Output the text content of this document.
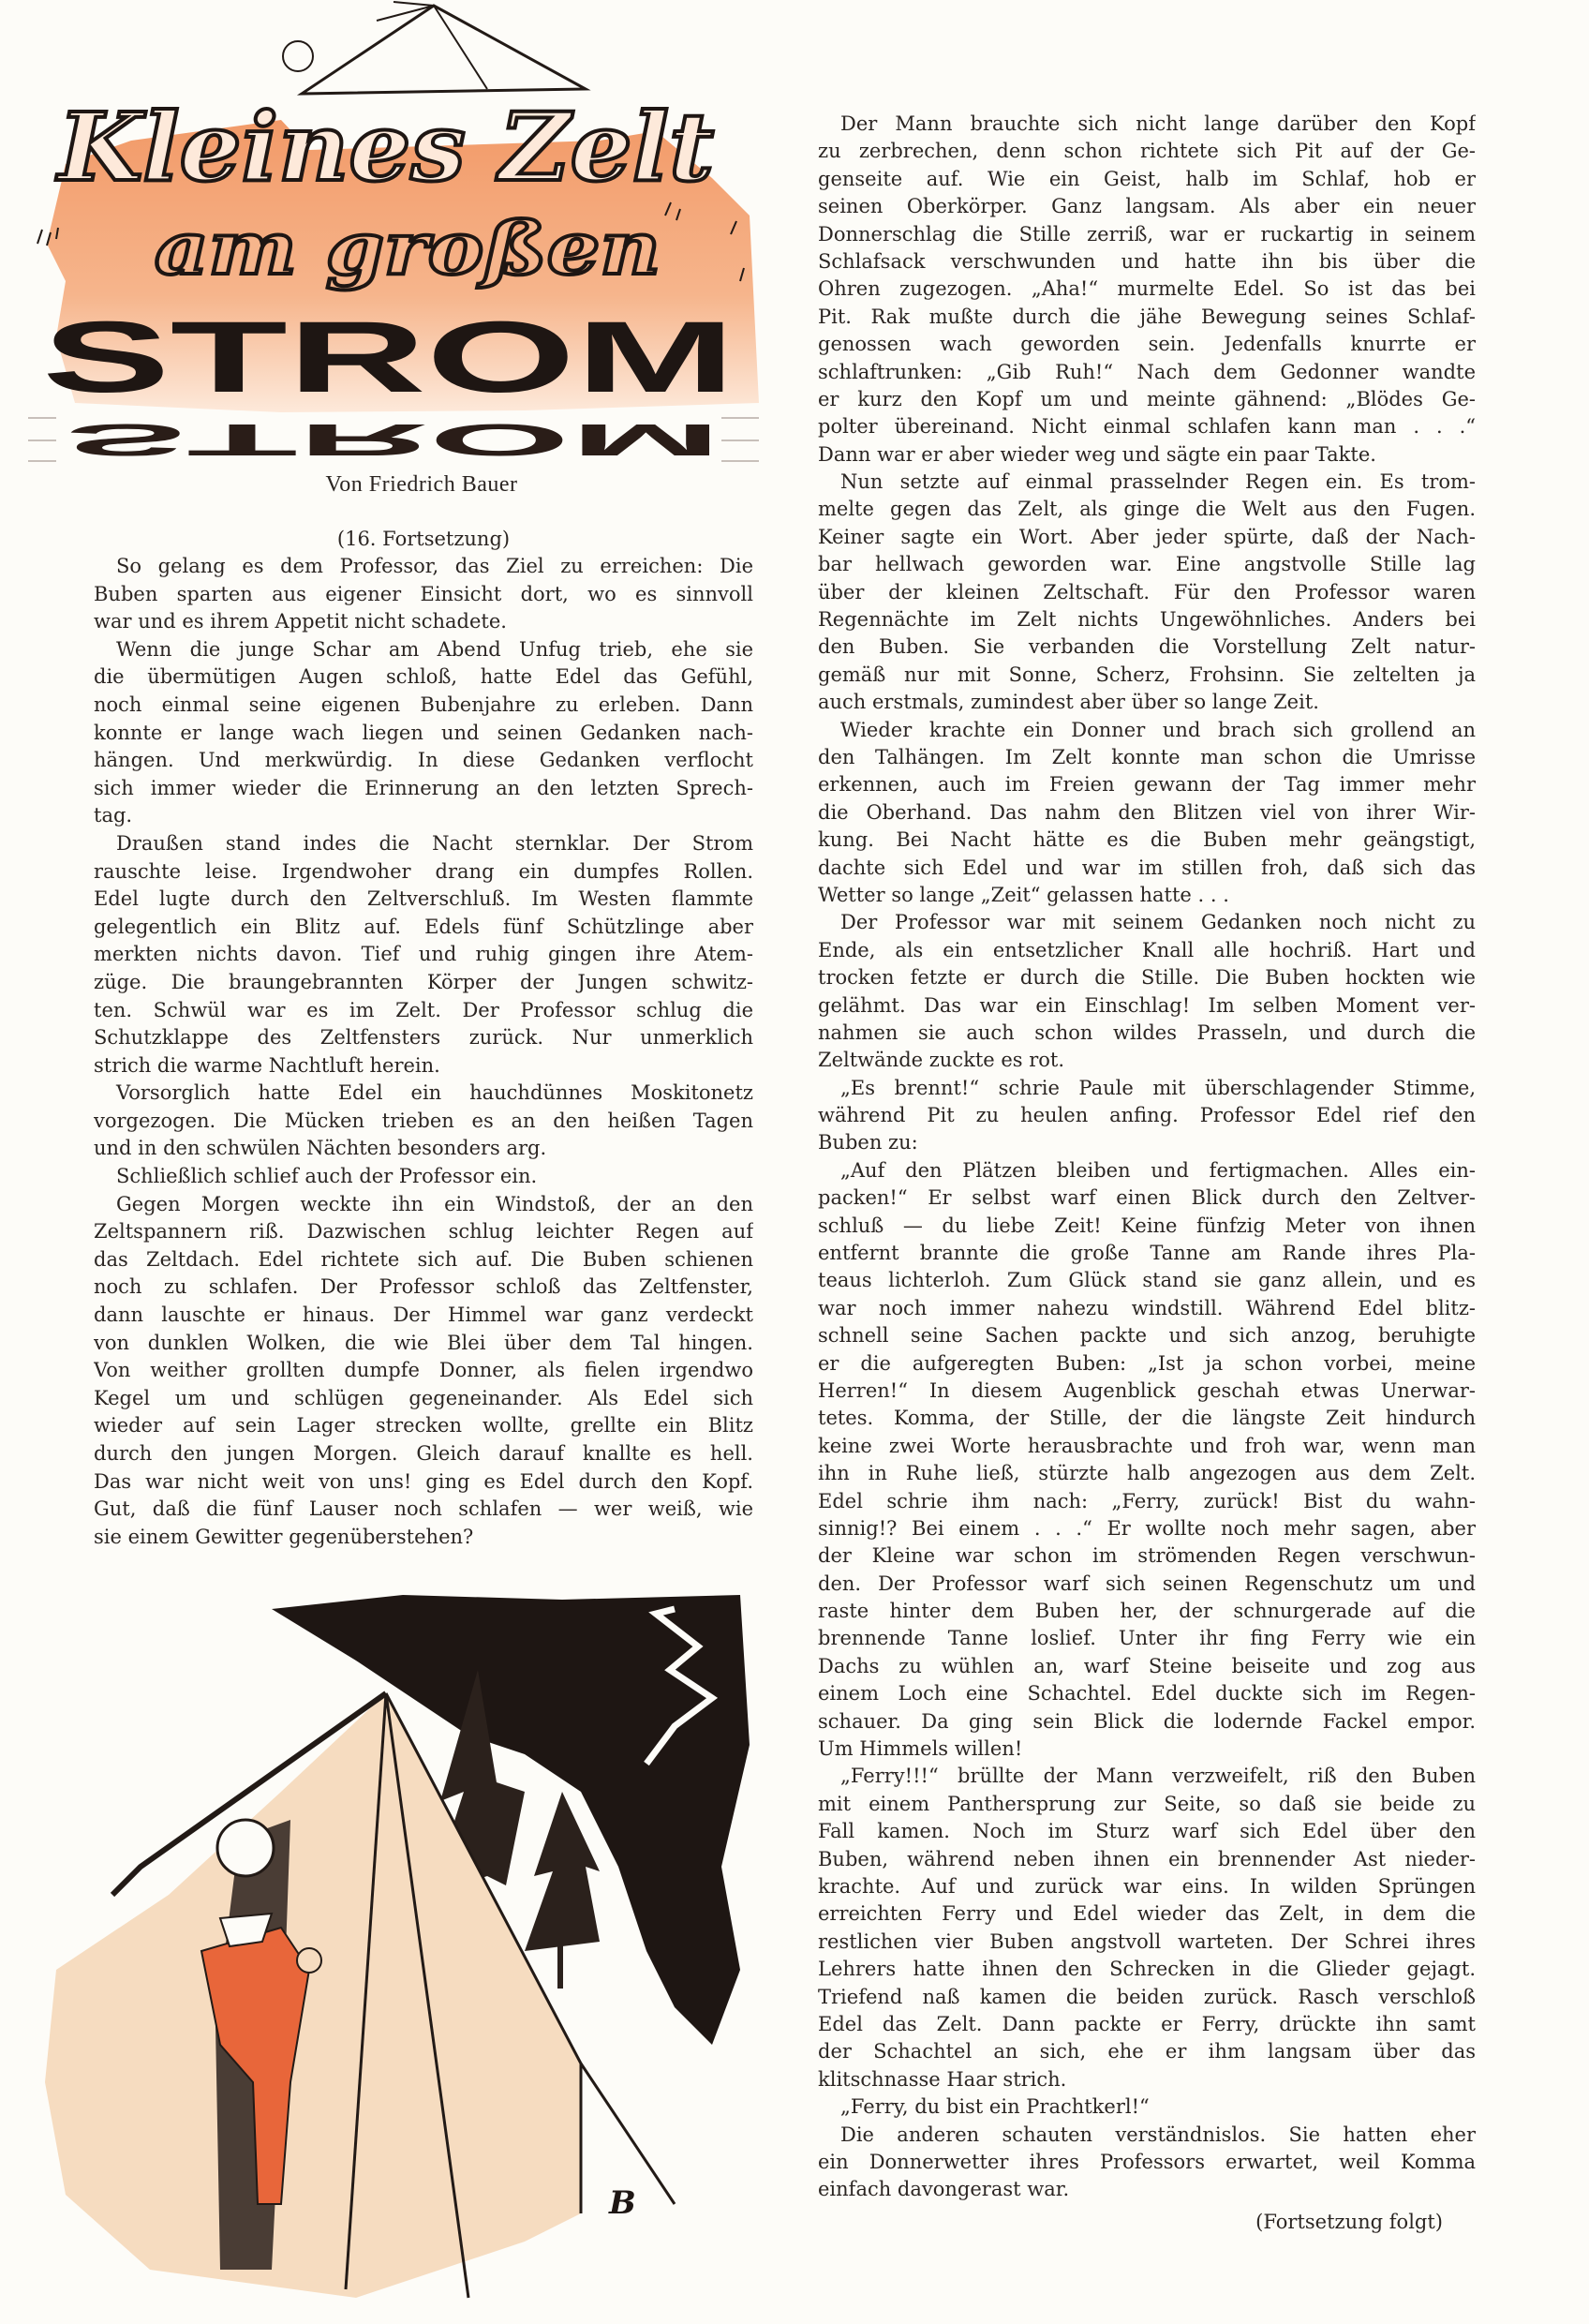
Kleines Zelt
am großen
STROM
STROM
Von Friedrich Bauer
(16. Fortsetzung)
So gelang es dem Professor, das Ziel zu erreichen: Die
Buben sparten aus eigener Einsicht dort, wo es sinnvoll
war und es ihrem Appetit nicht schadete.
Wenn die junge Schar am Abend Unfug trieb, ehe sie
die übermütigen Augen schloß, hatte Edel das Gefühl,
noch einmal seine eigenen Bubenjahre zu erleben. Dann
konnte er lange wach liegen und seinen Gedanken nach-
hängen. Und merkwürdig. In diese Gedanken verflocht
sich immer wieder die Erinnerung an den letzten Sprech-
tag.
Draußen stand indes die Nacht sternklar. Der Strom
rauschte leise. Irgendwoher drang ein dumpfes Rollen.
Edel lugte durch den Zeltverschluß. Im Westen flammte
gelegentlich ein Blitz auf. Edels fünf Schützlinge aber
merkten nichts davon. Tief und ruhig gingen ihre Atem-
züge. Die braungebrannten Körper der Jungen schwitz-
ten. Schwül war es im Zelt. Der Professor schlug die
Schutzklappe des Zeltfensters zurück. Nur unmerklich
strich die warme Nachtluft herein.
Vorsorglich hatte Edel ein hauchdünnes Moskitonetz
vorgezogen. Die Mücken trieben es an den heißen Tagen
und in den schwülen Nächten besonders arg.
Schließlich schlief auch der Professor ein.
Gegen Morgen weckte ihn ein Windstoß, der an den
Zeltspannern riß. Dazwischen schlug leichter Regen auf
das Zeltdach. Edel richtete sich auf. Die Buben schienen
noch zu schlafen. Der Professor schloß das Zeltfenster,
dann lauschte er hinaus. Der Himmel war ganz verdeckt
von dunklen Wolken, die wie Blei über dem Tal hingen.
Von weither grollten dumpfe Donner, als fielen irgendwo
Kegel um und schlügen gegeneinander. Als Edel sich
wieder auf sein Lager strecken wollte, grellte ein Blitz
durch den jungen Morgen. Gleich darauf knallte es hell.
Das war nicht weit von uns! ging es Edel durch den Kopf.
Gut, daß die fünf Lauser noch schlafen — wer weiß, wie
sie einem Gewitter gegenüberstehen?
Der Mann brauchte sich nicht lange darüber den Kopf
zu zerbrechen, denn schon richtete sich Pit auf der Ge-
genseite auf. Wie ein Geist, halb im Schlaf, hob er
seinen Oberkörper. Ganz langsam. Als aber ein neuer
Donnerschlag die Stille zerriß, war er ruckartig in seinem
Schlafsack verschwunden und hatte ihn bis über die
Ohren zugezogen. „Aha!“ murmelte Edel. So ist das bei
Pit. Rak mußte durch die jähe Bewegung seines Schlaf-
genossen wach geworden sein. Jedenfalls knurrte er
schlaftrunken: „Gib Ruh!“ Nach dem Gedonner wandte
er kurz den Kopf um und meinte gähnend: „Blödes Ge-
polter übereinand. Nicht einmal schlafen kann man . . .“
Dann war er aber wieder weg und sägte ein paar Takte.
Nun setzte auf einmal prasselnder Regen ein. Es trom-
melte gegen das Zelt, als ginge die Welt aus den Fugen.
Keiner sagte ein Wort. Aber jeder spürte, daß der Nach-
bar hellwach geworden war. Eine angstvolle Stille lag
über der kleinen Zeltschaft. Für den Professor waren
Regennächte im Zelt nichts Ungewöhnliches. Anders bei
den Buben. Sie verbanden die Vorstellung Zelt natur-
gemäß nur mit Sonne, Scherz, Frohsinn. Sie zeltelten ja
auch erstmals, zumindest aber über so lange Zeit.
Wieder krachte ein Donner und brach sich grollend an
den Talhängen. Im Zelt konnte man schon die Umrisse
erkennen, auch im Freien gewann der Tag immer mehr
die Oberhand. Das nahm den Blitzen viel von ihrer Wir-
kung. Bei Nacht hätte es die Buben mehr geängstigt,
dachte sich Edel und war im stillen froh, daß sich das
Wetter so lange „Zeit“ gelassen hatte . . .
Der Professor war mit seinem Gedanken noch nicht zu
Ende, als ein entsetzlicher Knall alle hochriß. Hart und
trocken fetzte er durch die Stille. Die Buben hockten wie
gelähmt. Das war ein Einschlag! Im selben Moment ver-
nahmen sie auch schon wildes Prasseln, und durch die
Zeltwände zuckte es rot.
„Es brennt!“ schrie Paule mit überschlagender Stimme,
während Pit zu heulen anfing. Professor Edel rief den
Buben zu:
„Auf den Plätzen bleiben und fertigmachen. Alles ein-
packen!“ Er selbst warf einen Blick durch den Zeltver-
schluß — du liebe Zeit! Keine fünfzig Meter von ihnen
entfernt brannte die große Tanne am Rande ihres Pla-
teaus lichterloh. Zum Glück stand sie ganz allein, und es
war noch immer nahezu windstill. Während Edel blitz-
schnell seine Sachen packte und sich anzog, beruhigte
er die aufgeregten Buben: „Ist ja schon vorbei, meine
Herren!“ In diesem Augenblick geschah etwas Unerwar-
tetes. Komma, der Stille, der die längste Zeit hindurch
keine zwei Worte herausbrachte und froh war, wenn man
ihn in Ruhe ließ, stürzte halb angezogen aus dem Zelt.
Edel schrie ihm nach: „Ferry, zurück! Bist du wahn-
sinnig!? Bei einem . . .“ Er wollte noch mehr sagen, aber
der Kleine war schon im strömenden Regen verschwun-
den. Der Professor warf sich seinen Regenschutz um und
raste hinter dem Buben her, der schnurgerade auf die
brennende Tanne loslief. Unter ihr fing Ferry wie ein
Dachs zu wühlen an, warf Steine beiseite und zog aus
einem Loch eine Schachtel. Edel duckte sich im Regen-
schauer. Da ging sein Blick die lodernde Fackel empor.
Um Himmels willen!
„Ferry!!!“ brüllte der Mann verzweifelt, riß den Buben
mit einem Panthersprung zur Seite, so daß sie beide zu
Fall kamen. Noch im Sturz warf sich Edel über den
Buben, während neben ihnen ein brennender Ast nieder-
krachte. Auf und zurück war eins. In wilden Sprüngen
erreichten Ferry und Edel wieder das Zelt, in dem die
restlichen vier Buben angstvoll warteten. Der Schrei ihres
Lehrers hatte ihnen den Schrecken in die Glieder gejagt.
Triefend naß kamen die beiden zurück. Rasch verschloß
Edel das Zelt. Dann packte er Ferry, drückte ihn samt
der Schachtel an sich, ehe er ihm langsam über das
klitschnasse Haar strich.
„Ferry, du bist ein Prachtkerl!“
Die anderen schauten verständnislos. Sie hatten eher
ein Donnerwetter ihres Professors erwartet, weil Komma
einfach davongerast war.
(Fortsetzung folgt)
B
